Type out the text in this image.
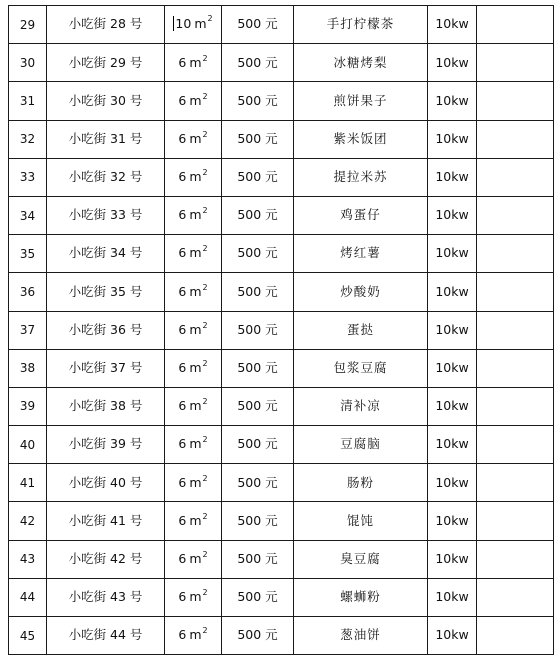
29	小吃街 28 号	10 $m^2$	500 元	手打柠檬茶	10kw	
30	小吃街 29 号	6 $m^2$	500 元	冰糖烤梨	10kw	
31	小吃街 30 号	6 $m^2$	500 元	煎饼果子	10kw	
32	小吃街 31 号	6 $m^2$	500 元	紫米饭团	10kw	
33	小吃街 32 号	6 $m^2$	500 元	提拉米苏	10kw	
34	小吃街 33 号	6 $m^2$	500 元	鸡蛋仔	10kw	
35	小吃街 34 号	6 $m^2$	500 元	烤红薯	10kw	
36	小吃街 35 号	6 $m^2$	500 元	炒酸奶	10kw	
37	小吃街 36 号	6 $m^2$	500 元	蛋挞	10kw	
38	小吃街 37 号	6 $m^2$	500 元	包浆豆腐	10kw	
39	小吃街 38 号	6 $m^2$	500 元	清补凉	10kw	
40	小吃街 39 号	6 $m^2$	500 元	豆腐脑	10kw	
41	小吃街 40 号	6 $m^2$	500 元	肠粉	10kw	
42	小吃街 41 号	6 $m^2$	500 元	馄饨	10kw	
43	小吃街 42 号	6 $m^2$	500 元	臭豆腐	10kw	
44	小吃街 43 号	6 $m^2$	500 元	螺蛳粉	10kw	
45	小吃街 44 号	6 $m^2$	500 元	葱油饼	10kw	
